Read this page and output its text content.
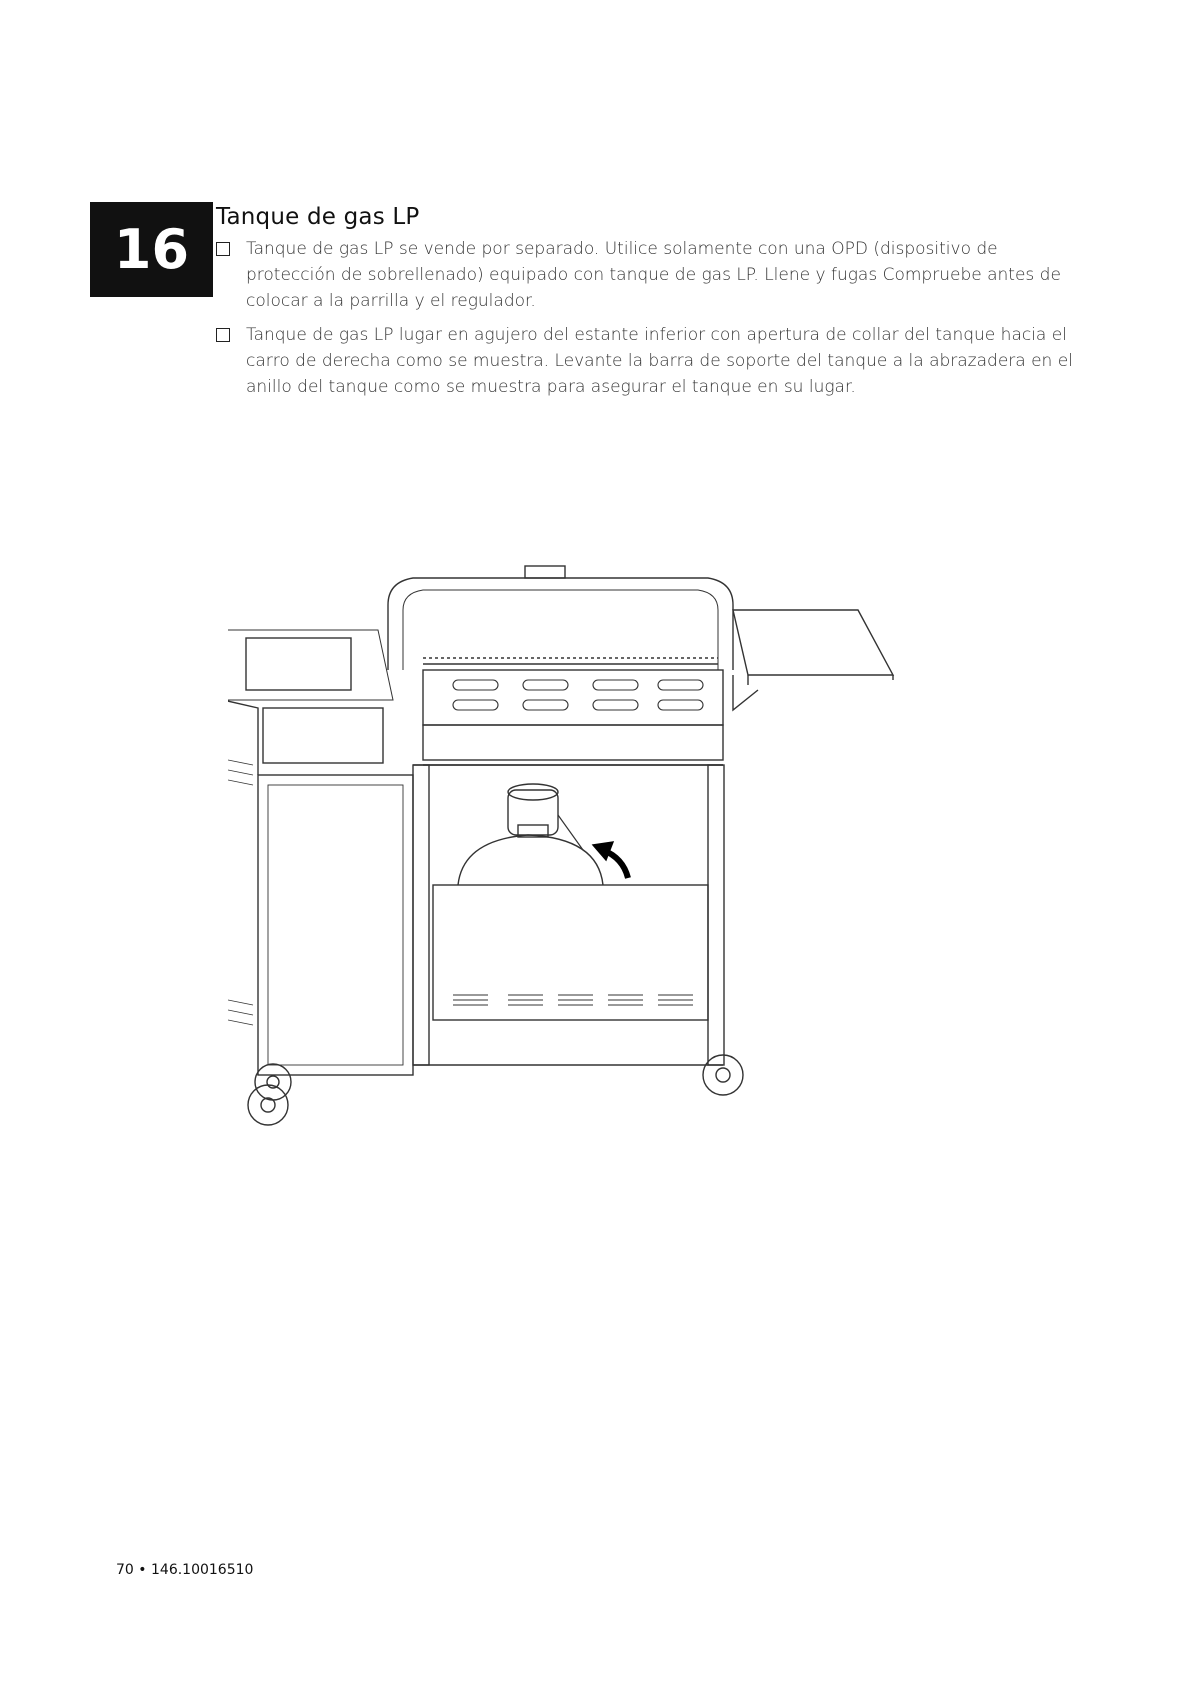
16
Tanque de gas LP
Tanque de gas LP se vende por separado. Utilice solamente con una OPD (dispositivo de protección de sobrellenado) equipado con tanque de gas LP. Llene y fugas Compruebe antes de colocar a la parrilla y el regulador.
Tanque de gas LP lugar en agujero del estante inferior con apertura de collar del tanque hacia el carro de derecha como se muestra. Levante la barra de soporte del tanque a la abrazadera en el anillo del tanque como se muestra para asegurar el tanque en su lugar.
70 • 146.10016510
